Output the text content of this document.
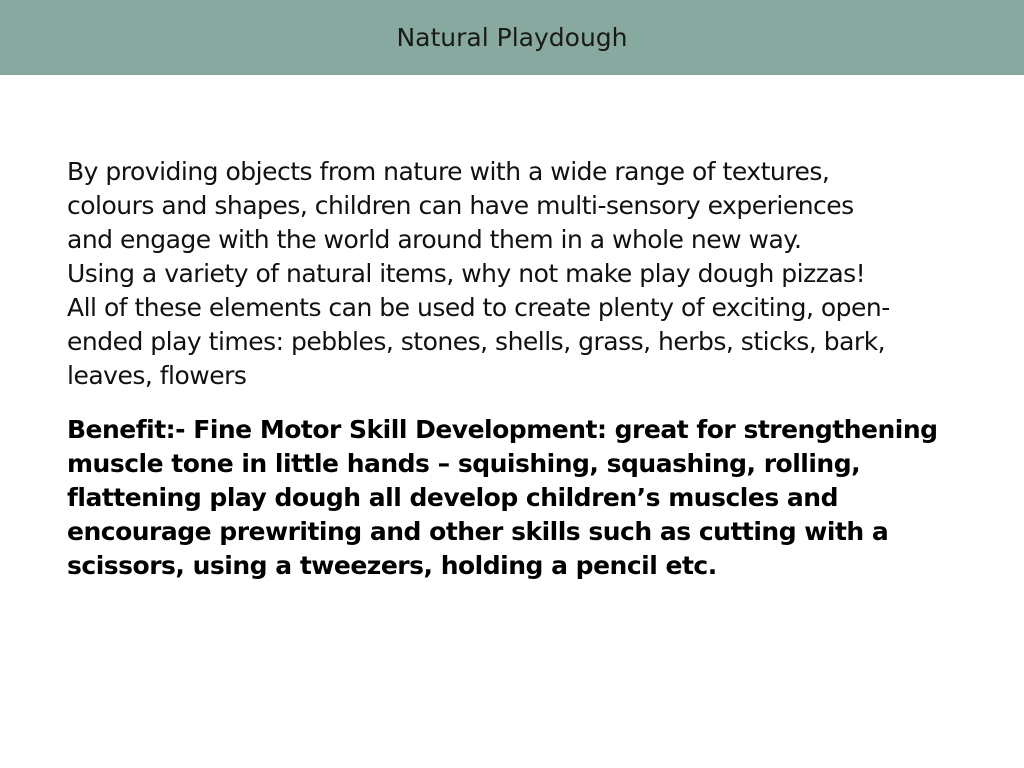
Natural Playdough
By providing objects from nature with a wide range of textures,
colours and shapes, children can have multi-sensory experiences
and engage with the world around them in a whole new way.
Using a variety of natural items, why not make play dough pizzas!
All of these elements can be used to create plenty of exciting, open-
ended play times: pebbles, stones, shells, grass, herbs, sticks, bark,
leaves, flowers
Benefit:- Fine Motor Skill Development: great for strengthening
muscle tone in little hands – squishing, squashing, rolling,
flattening play dough all develop children’s muscles and
encourage prewriting and other skills such as cutting with a
scissors, using a tweezers, holding a pencil etc.
